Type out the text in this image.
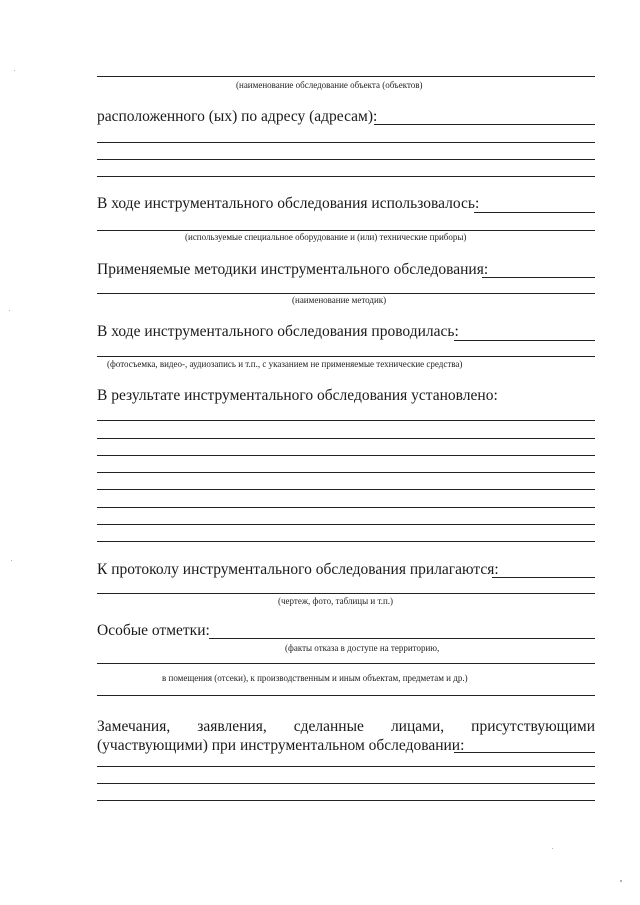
(наименование обследование объекта (объектов)
расположенного (ых) по адресу (адресам):
В ходе инструментального обследования использовалось:
(используемые специальное оборудование и (или) технические приборы)
Применяемые методики инструментального обследования:
(наименование методик)
В ходе инструментального обследования проводилась:
(фотосъемка, видео-, аудиозапись и т.п., с указанием не применяемые технические средства)
В результате инструментального обследования установлено:
К протоколу инструментального обследования прилагаются:
(чертеж, фото, таблицы и т.п.)
Особые отметки:
(факты отказа в доступе на территорию,
в помещения (отсеки), к производственным и иным объектам, предметам и др.)
Замечания, заявления, сделанные лицами, присутствующими
(участвующими) при инструментальном обследовании:
